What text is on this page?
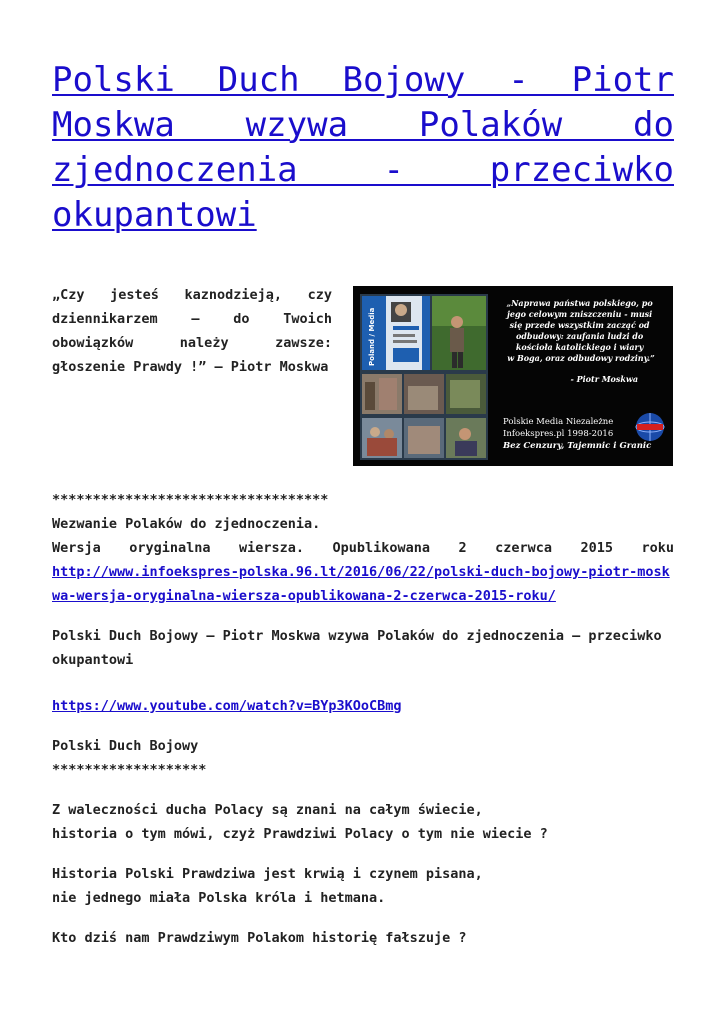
Polski Duch Bojowy - Piotr Moskwa wzywa Polaków do zjednoczenia - przeciwko okupantowi

„Czy jesteś kaznodzieją, czy dziennikarzem – do Twoich obowiązków należy zawsze: głoszenie Prawdy !” – Piotr Moskwa

Poland / Media
„Naprawa państwa polskiego, po jego celowym zniszczeniu - musi się przede wszystkim zacząć od odbudowy: zaufania ludzi do kościoła katolickiego i wiary w Boga, oraz odbudowy rodziny.”
- Piotr Moskwa
Polskie Media Niezależne
Infoekspres.pl 1998-2016
Bez Cenzury, Tajemnic i Granic

**********************************

Wezwanie Polaków do zjednoczenia.

Wersja oryginalna wiersza. Opublikowana 2 czerwca 2015 roku

http://www.infoekspres-polska.96.lt/2016/06/22/polski-duch-bojowy-piotr-moskwa-wersja-oryginalna-wiersza-opublikowana-2-czerwca-2015-roku/

Polski Duch Bojowy – Piotr Moskwa wzywa Polaków do zjednoczenia – przeciwko okupantowi

https://www.youtube.com/watch?v=BYp3KOoCBmg

Polski Duch Bojowy

*******************

Z waleczności ducha Polacy są znani na całym świecie,

historia o tym mówi, czyż Prawdziwi Polacy o tym nie wiecie ?

Historia Polski Prawdziwa jest krwią i czynem pisana,

nie jednego miała Polska króla i hetmana.

Kto dziś nam Prawdziwym Polakom historię fałszuje ?
